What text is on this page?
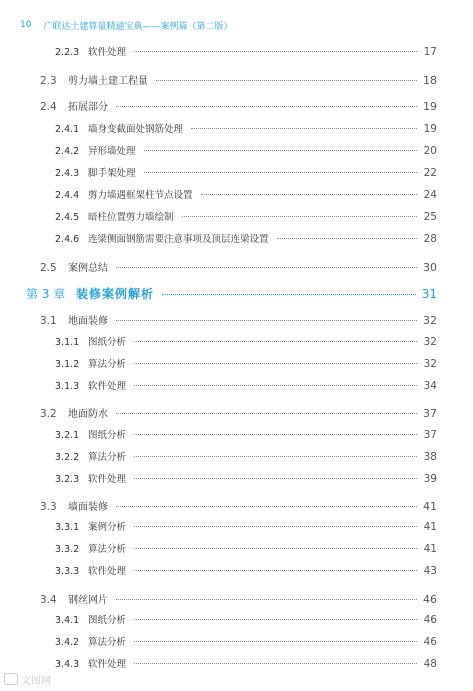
10 广联达土建算量精通宝典——案例篇（第二版）
2.2.3 软件处理	17
2.3	剪力墙土建工程量	18
2.4	拓展部分	19
2.4.1 墙身变截面处钢筋处理	19
2.4.2 异形墙处理	20
2.4.3 脚手架处理	22
2.4.4 剪力墙遇框架柱节点设置	24
2.4.5 暗柱位置剪力墙绘制	25
2.4.6 连梁侧面钢筋需要注意事项及顶层连梁设置	28
2.5	案例总结	30
第 3 章 装修案例解析	31
3.1	地面装修	32
3.1.1 图纸分析	32
3.1.2 算法分析	32
3.1.3 软件处理	34
3.2	地面防水	37
3.2.1 图纸分析	37
3.2.2 算法分析	38
3.2.3 软件处理	39
3.3	墙面装修	41
3.3.1 案例分析	41
3.3.2 算法分析	41
3.3.3 软件处理	43
3.4	钢丝网片	46
3.4.1 图纸分析	46
3.4.2 算法分析	46
3.4.3 软件处理	48
文图网
